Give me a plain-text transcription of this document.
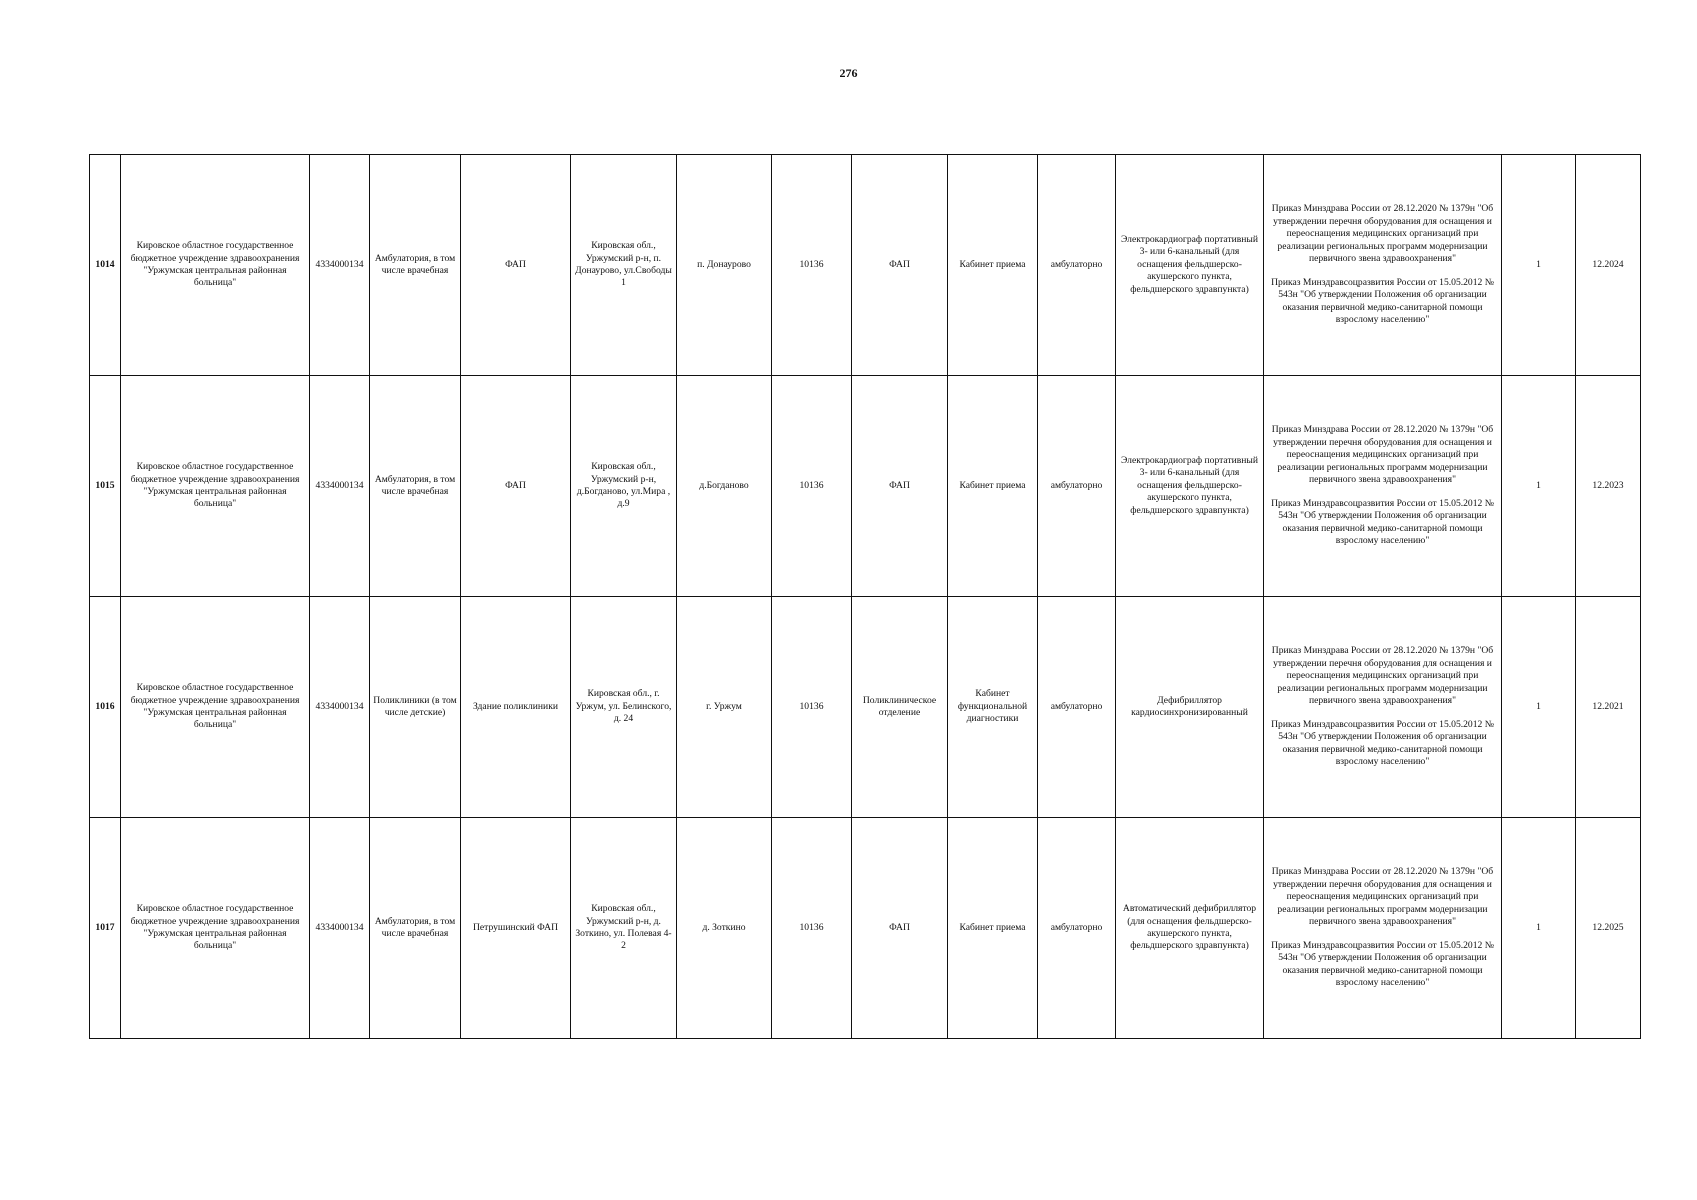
276
1014	Кировское областное государственное бюджетное учреждение здравоохранения "Уржумская центральная районная больница"	4334000134	Амбулатория, в том числе врачебная	ФАП	Кировская обл., Уржумский р-н, п. Донаурово, ул.Свободы 1	п. Донаурово	10136	ФАП	Кабинет приема	амбулаторно	Электрокардиограф портативный 3- или 6-канальный (для оснащения фельдшерско-акушерского пункта, фельдшерского здравпункта)	Приказ Минздрава России от 28.12.2020 № 1379н "Об утверждении перечня оборудования для оснащения и переоснащения медицинских организаций при реализации региональных программ модернизации первичного звена здравоохранения"
Приказ Минздравсоцразвития России от 15.05.2012 № 543н "Об утверждении Положения об организации оказания первичной медико-санитарной помощи взрослому населению"	1	12.2024
1015	Кировское областное государственное бюджетное учреждение здравоохранения "Уржумская центральная районная больница"	4334000134	Амбулатория, в том числе врачебная	ФАП	Кировская обл., Уржумский р-н, д.Богданово, ул.Мира , д.9	д.Богданово	10136	ФАП	Кабинет приема	амбулаторно	Электрокардиограф портативный 3- или 6-канальный (для оснащения фельдшерско-акушерского пункта, фельдшерского здравпункта)	Приказ Минздрава России от 28.12.2020 № 1379н "Об утверждении перечня оборудования для оснащения и переоснащения медицинских организаций при реализации региональных программ модернизации первичного звена здравоохранения"
Приказ Минздравсоцразвития России от 15.05.2012 № 543н "Об утверждении Положения об организации оказания первичной медико-санитарной помощи взрослому населению"	1	12.2023
1016	Кировское областное государственное бюджетное учреждение здравоохранения "Уржумская центральная районная больница"	4334000134	Поликлиники (в том числе детские)	Здание поликлиники	Кировская обл., г. Уржум, ул. Белинского, д. 24	г. Уржум	10136	Поликлиническое отделение	Кабинет функциональной диагностики	амбулаторно	Дефибриллятор кардиосинхронизированный	Приказ Минздрава России от 28.12.2020 № 1379н "Об утверждении перечня оборудования для оснащения и переоснащения медицинских организаций при реализации региональных программ модернизации первичного звена здравоохранения"
Приказ Минздравсоцразвития России от 15.05.2012 № 543н "Об утверждении Положения об организации оказания первичной медико-санитарной помощи взрослому населению"	1	12.2021
1017	Кировское областное государственное бюджетное учреждение здравоохранения "Уржумская центральная районная больница"	4334000134	Амбулатория, в том числе врачебная	Петрушинский ФАП	Кировская обл., Уржумский р-н, д. Зоткино, ул. Полевая 4-2	д. Зоткино	10136	ФАП	Кабинет приема	амбулаторно	Автоматический дефибриллятор (для оснащения фельдшерско-акушерского пункта, фельдшерского здравпункта)	Приказ Минздрава России от 28.12.2020 № 1379н "Об утверждении перечня оборудования для оснащения и переоснащения медицинских организаций при реализации региональных программ модернизации первичного звена здравоохранения"
Приказ Минздравсоцразвития России от 15.05.2012 № 543н "Об утверждении Положения об организации оказания первичной медико-санитарной помощи взрослому населению"	1	12.2025
